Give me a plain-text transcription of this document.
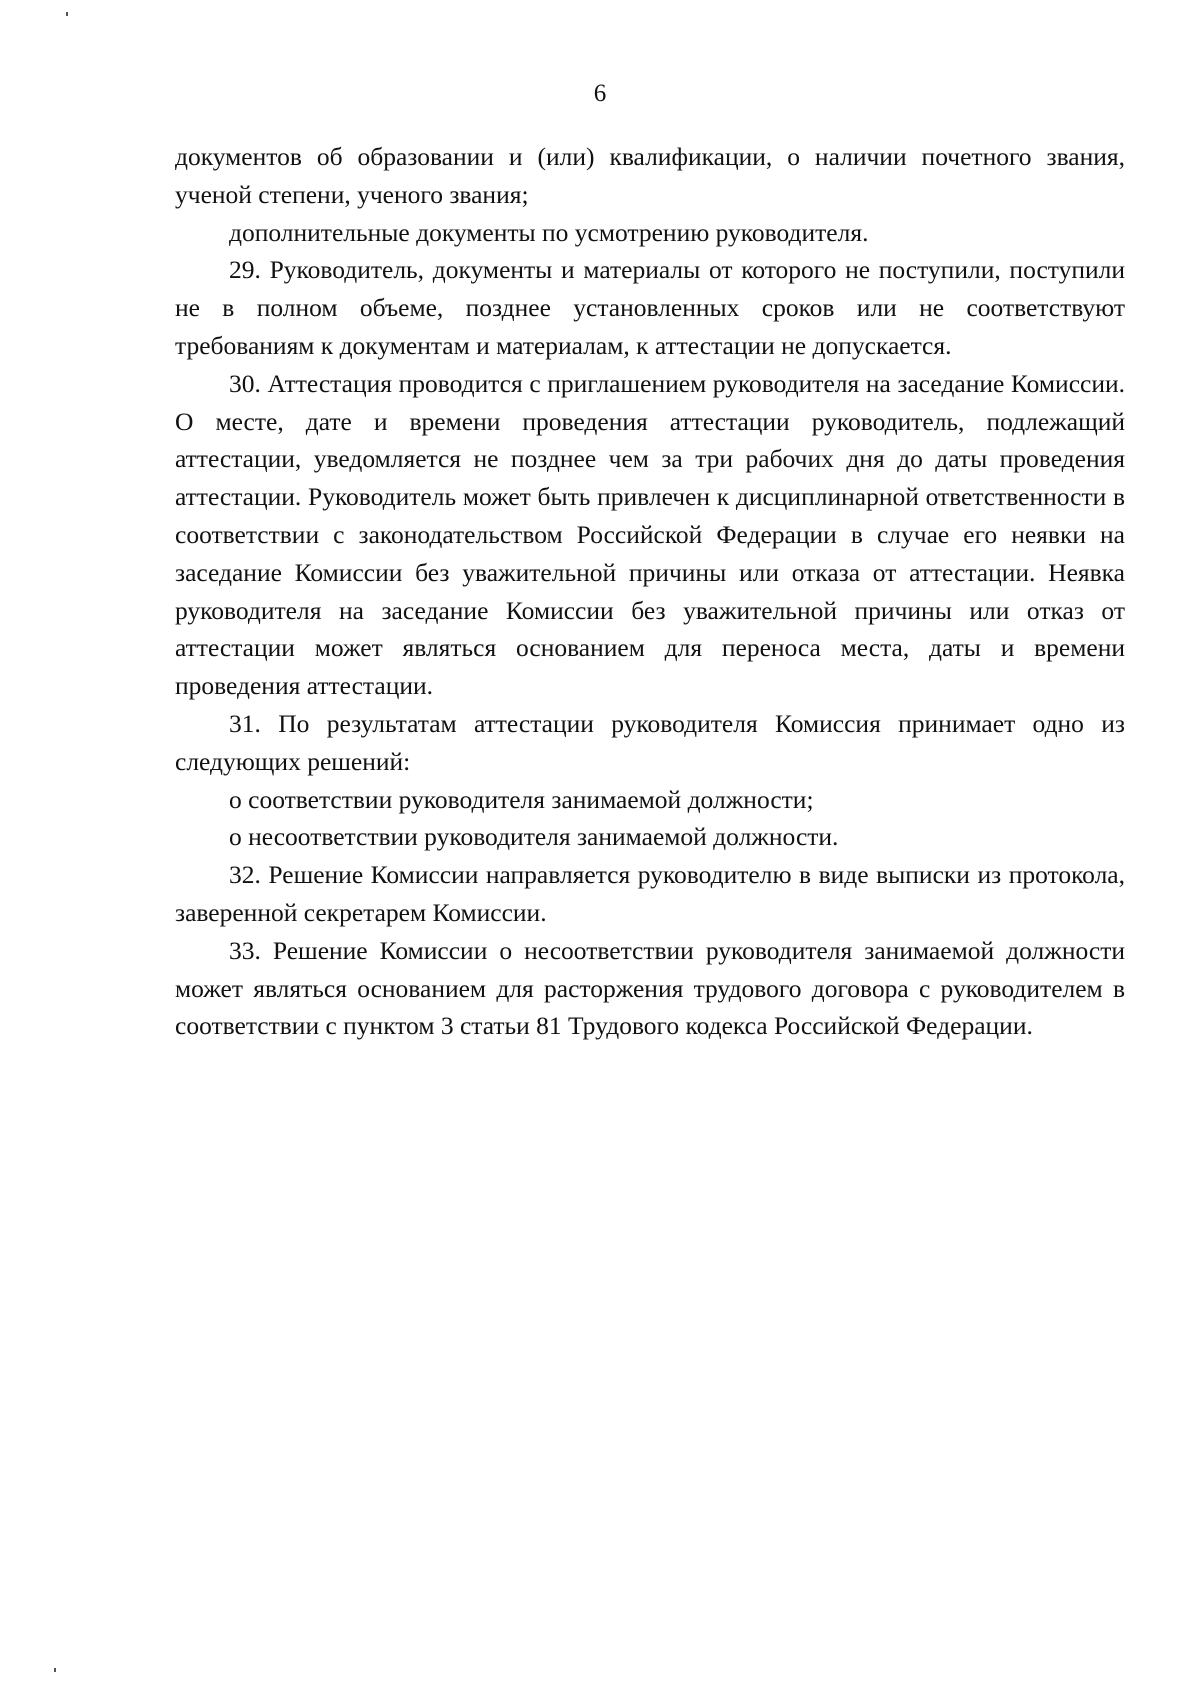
6

документов об образовании и (или) квалификации, о наличии почетного звания, ученой степени, ученого звания;

дополнительные документы по усмотрению руководителя.

29. Руководитель, документы и материалы от которого не поступили, поступили не в полном объеме, позднее установленных сроков или не соответствуют требованиям к документам и материалам, к аттестации не допускается.

30. Аттестация проводится с приглашением руководителя на заседание Комиссии. О месте, дате и времени проведения аттестации руководитель, подлежащий аттестации, уведомляется не позднее чем за три рабочих дня до даты проведения аттестации. Руководитель может быть привлечен к дисциплинарной ответственности в соответствии с законодательством Российской Федерации в случае его неявки на заседание Комиссии без уважительной причины или отказа от аттестации. Неявка руководителя на заседание Комиссии без уважительной причины или отказ от аттестации может являться основанием для переноса места, даты и времени проведения аттестации.

31. По результатам аттестации руководителя Комиссия принимает одно из следующих решений:

о соответствии руководителя занимаемой должности;

о несоответствии руководителя занимаемой должности.

32. Решение Комиссии направляется руководителю в виде выписки из протокола, заверенной секретарем Комиссии.

33. Решение Комиссии о несоответствии руководителя занимаемой должности может являться основанием для расторжения трудового договора с руководителем в соответствии с пунктом 3 статьи 81 Трудового кодекса Российской Федерации.
